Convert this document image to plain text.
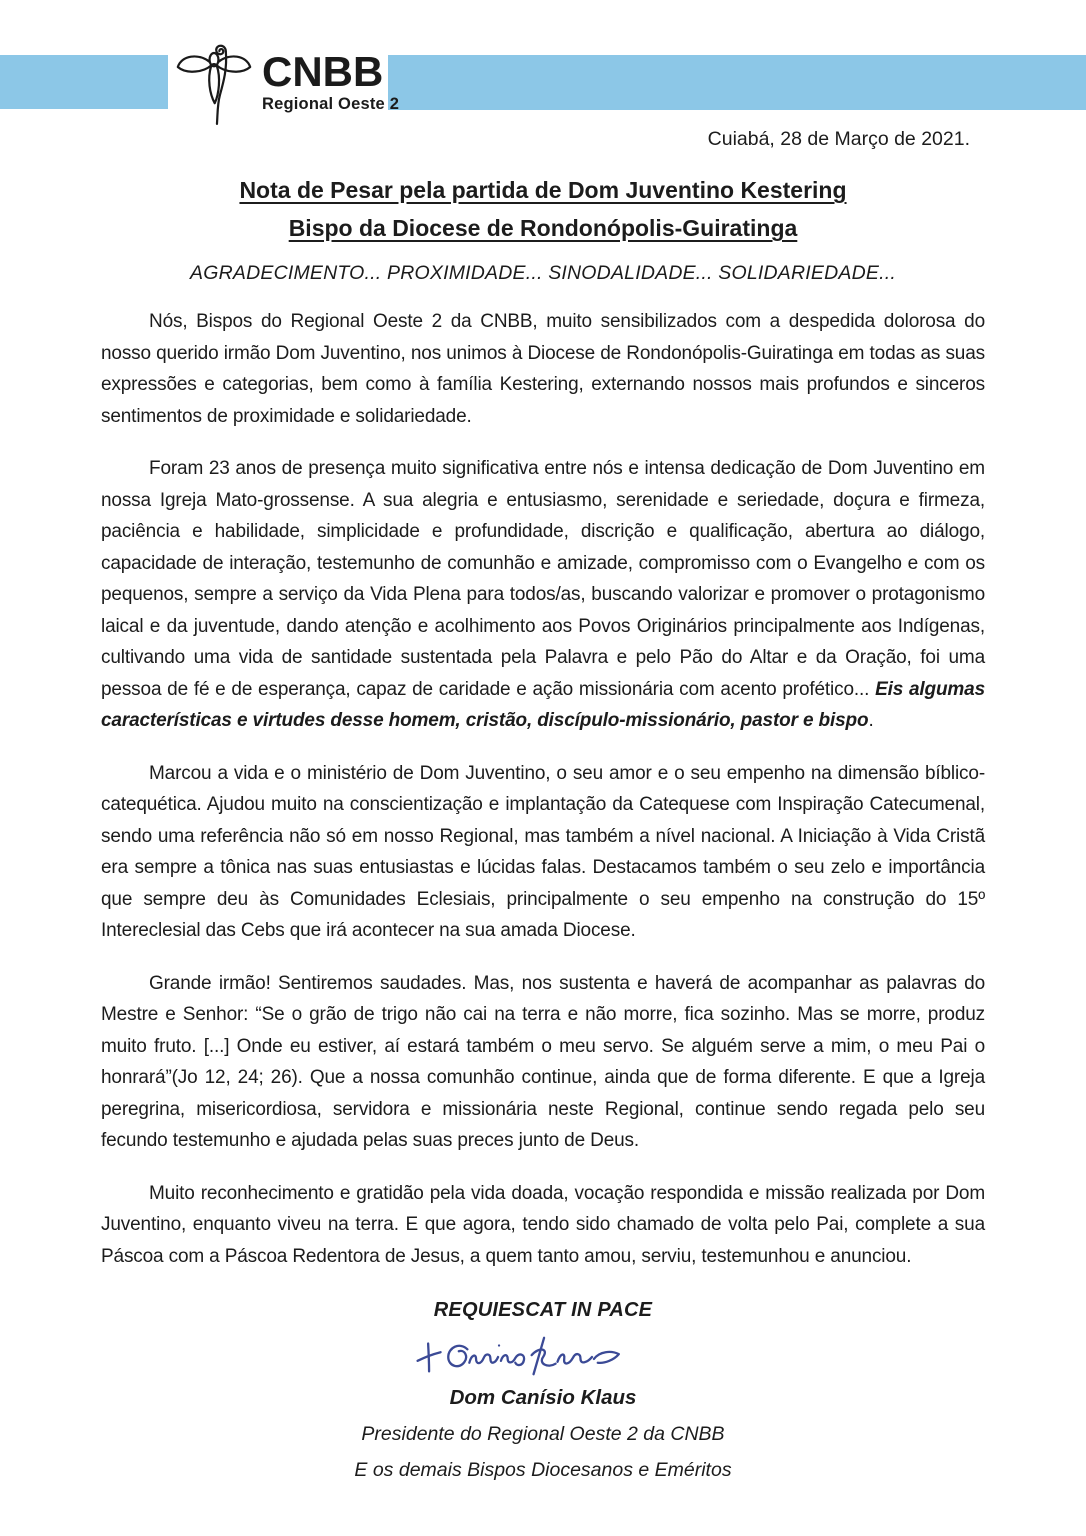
CNBB
Regional Oeste 2
Cuiabá, 28 de Março de 2021.
Nota de Pesar pela partida de Dom Juventino Kestering
Bispo da Diocese de Rondonópolis-Guiratinga
AGRADECIMENTO... PROXIMIDADE... SINODALIDADE... SOLIDARIEDADE...

Nós, Bispos do Regional Oeste 2 da CNBB, muito sensibilizados com a despedida dolorosa do nosso querido irmão Dom Juventino, nos unimos à Diocese de Rondonópolis-Guiratinga em todas as suas expressões e categorias, bem como à família Kestering, externando nossos mais profundos e sinceros sentimentos de proximidade e solidariedade.

Foram 23 anos de presença muito significativa entre nós e intensa dedicação de Dom Juventino em nossa Igreja Mato-grossense. A sua alegria e entusiasmo, serenidade e seriedade, doçura e firmeza, paciência e habilidade, simplicidade e profundidade, discrição e qualificação, abertura ao diálogo, capacidade de interação, testemunho de comunhão e amizade, compromisso com o Evangelho e com os pequenos, sempre a serviço da Vida Plena para todos/as, buscando valorizar e promover o protagonismo laical e da juventude, dando atenção e acolhimento aos Povos Originários principalmente aos Indígenas, cultivando uma vida de santidade sustentada pela Palavra e pelo Pão do Altar e da Oração, foi uma pessoa de fé e de esperança, capaz de caridade e ação missionária com acento profético... Eis algumas características e virtudes desse homem, cristão, discípulo-missionário, pastor e bispo.

Marcou a vida e o ministério de Dom Juventino, o seu amor e o seu empenho na dimensão bíblico-catequética. Ajudou muito na conscientização e implantação da Catequese com Inspiração Catecumenal, sendo uma referência não só em nosso Regional, mas também a nível nacional. A Iniciação à Vida Cristã era sempre a tônica nas suas entusiastas e lúcidas falas. Destacamos também o seu zelo e importância que sempre deu às Comunidades Eclesiais, principalmente o seu empenho na construção do 15º Intereclesial das Cebs que irá acontecer na sua amada Diocese.

Grande irmão! Sentiremos saudades. Mas, nos sustenta e haverá de acompanhar as palavras do Mestre e Senhor: “Se o grão de trigo não cai na terra e não morre, fica sozinho. Mas se morre, produz muito fruto. [...] Onde eu estiver, aí estará também o meu servo. Se alguém serve a mim, o meu Pai o honrará”(Jo 12, 24; 26). Que a nossa comunhão continue, ainda que de forma diferente. E que a Igreja peregrina, misericordiosa, servidora e missionária neste Regional, continue sendo regada pelo seu fecundo testemunho e ajudada pelas suas preces junto de Deus.

Muito reconhecimento e gratidão pela vida doada, vocação respondida e missão realizada por Dom Juventino, enquanto viveu na terra. E que agora, tendo sido chamado de volta pelo Pai, complete a sua Páscoa com a Páscoa Redentora de Jesus, a quem tanto amou, serviu, testemunhou e anunciou.

REQUIESCAT IN PACE
Dom Canísio Klaus
Presidente do Regional Oeste 2 da CNBB
E os demais Bispos Diocesanos e Eméritos
